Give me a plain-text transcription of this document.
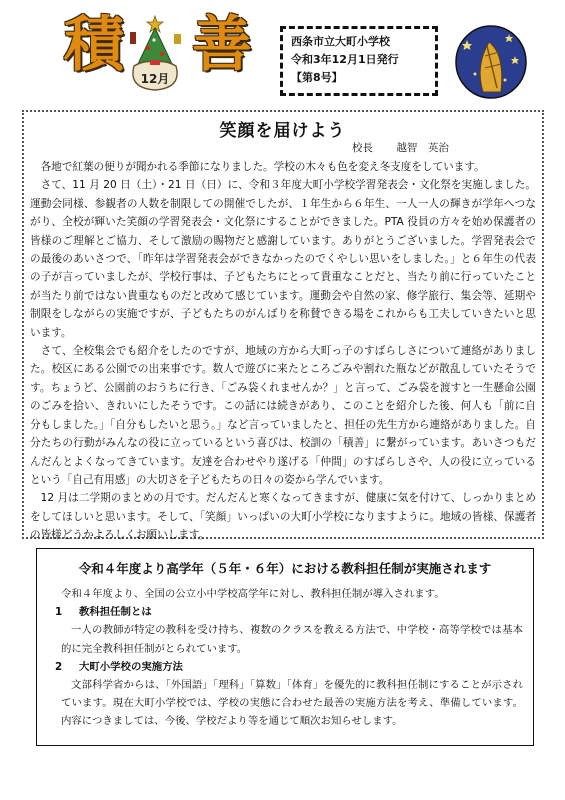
積 12月 善	西条市立大町小学校
令和3年12月1日発行
【第8号】
笑顔を届けよう
校長 越智　英治

各地で紅葉の便りが聞かれる季節になりました。学校の木々も色を変え冬支度をしています。

さて、11 月 20 日（土）・21 日（日）に、令和３年度大町小学校学習発表会・文化祭を実施しました。運動会同様、参観者の人数を制限しての開催でしたが、１年生から６年生、一人一人の輝きが学年へつながり、全校が輝いた笑顔の学習発表会・文化祭にすることができました。PTA 役員の方々を始め保護者の皆様のご理解とご協力、そして激励の賜物だと感謝しています。ありがとうございました。学習発表会での最後のあいさつで、「昨年は学習発表会ができなかったのでくやしい思いをしました。」と６年生の代表の子が言っていましたが、学校行事は、子どもたちにとって貴重なことだと、当たり前に行っていたことが当たり前ではない貴重なものだと改めて感じています。運動会や自然の家、修学旅行、集会等、延期や制限をしながらの実施ですが、子どもたちのがんばりを称賛できる場をこれからも工夫していきたいと思います。

さて、全校集会でも紹介をしたのですが、地域の方から大町っ子のすばらしさについて連絡がありました。校区にある公園での出来事です。数人で遊びに来たところごみや割れた瓶などが散乱していたそうです。ちょうど、公園前のおうちに行き、「ごみ袋くれませんか？」と言って、ごみ袋を渡すと一生懸命公園のごみを拾い、きれいにしたそうです。この話には続きがあり、このことを紹介した後、何人も「前に自分もしました。」「自分もしたいと思う。」など言っていましたと、担任の先生方から連絡がありました。自分たちの行動がみんなの役に立っているという喜びは、校訓の「積善」に繋がっています。あいさつもだんだんとよくなってきています。友達を合わせやり遂げる「仲間」のすばらしさや、人の役に立っているという「自己有用感」の大切さを子どもたちの日々の姿から学んでいます。

12 月は二学期のまとめの月です。だんだんと寒くなってきますが、健康に気を付けて、しっかりまとめをしてほしいと思います。そして、「笑顔」いっぱいの大町小学校になりますように。地域の皆様、保護者の皆様どうかよろしくお願いします。

令和４年度より高学年（５年・６年）における教科担任制が実施されます

令和４年度より、全国の公立小中学校高学年に対し、教科担任制が導入されます。

1 教科担任制とは

一人の教師が特定の教科を受け持ち、複数のクラスを教える方法で、中学校・高等学校では基本的に完全教科担任制がとられています。

2 大町小学校の実施方法

文部科学省からは、「外国語」「理科」「算数」「体育」を優先的に教科担任制にすることが示されています。現在大町小学校では、学校の実態に合わせた最善の実施方法を考え、準備しています。内容につきましては、今後、学校だより等を通じて順次お知らせします。
